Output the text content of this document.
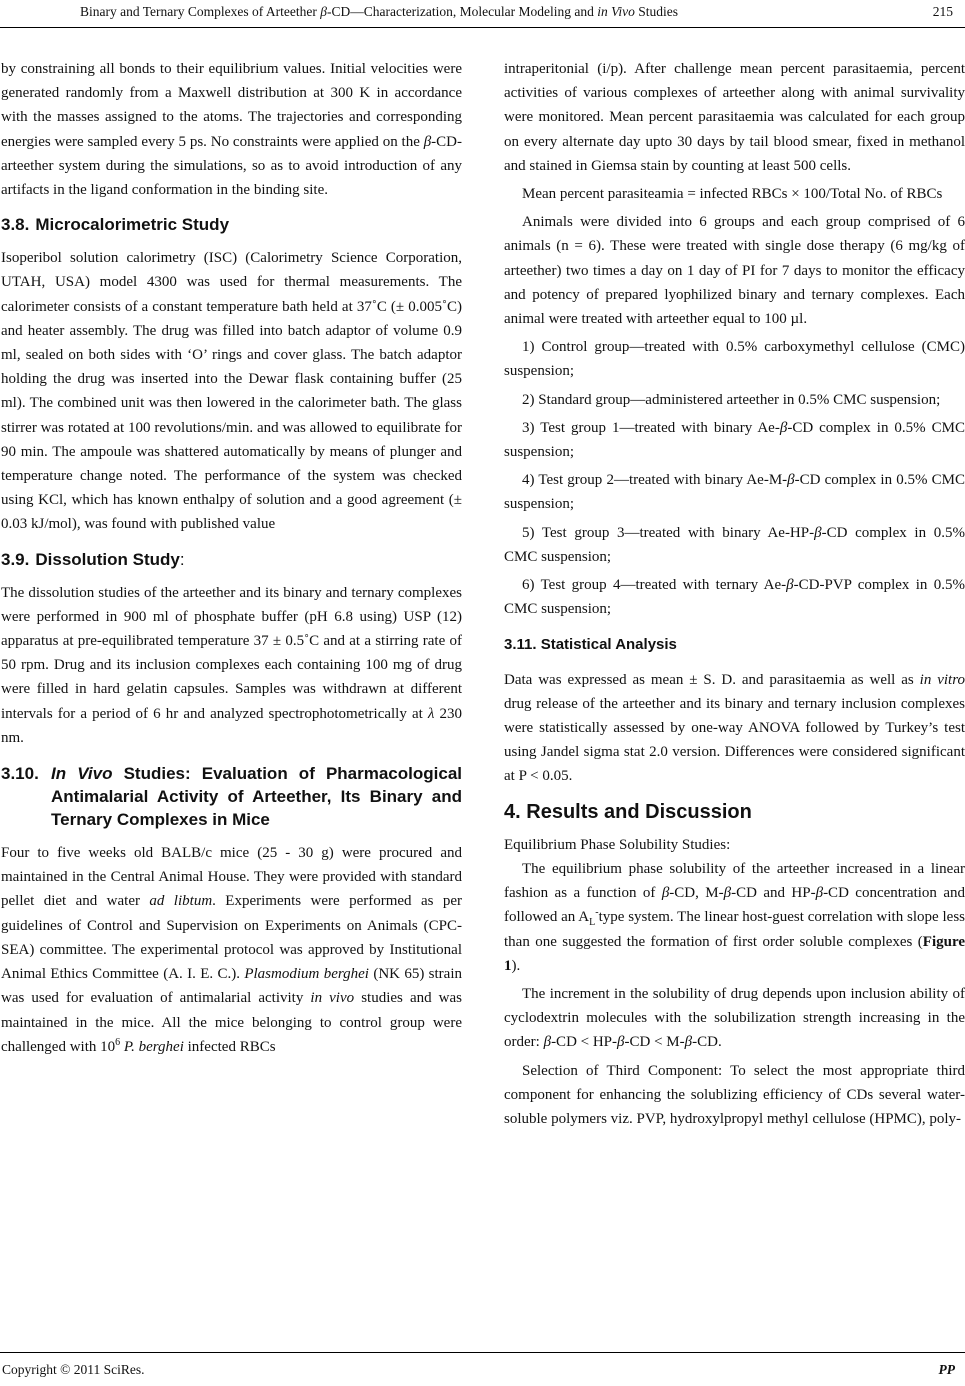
Binary and Ternary Complexes of Arteether β-CD—Characterization, Molecular Modeling and in Vivo Studies	215

by constraining all bonds to their equilibrium values. Initial velocities were generated randomly from a Maxwell distribution at 300 K in accordance with the masses assigned to the atoms. The trajectories and corresponding energies were sampled every 5 ps. No constraints were applied on the β-CD-arteether system during the simulations, so as to avoid introduction of any artifacts in the ligand conformation in the binding site.

3.8. Microcalorimetric Study

Isoperibol solution calorimetry (ISC) (Calorimetry Science Corporation, UTAH, USA) model 4300 was used for thermal measurements. The calorimeter consists of a constant temperature bath held at 37˚C (± 0.005˚C) and heater assembly. The drug was filled into batch adaptor of volume 0.9 ml, sealed on both sides with ‘O’ rings and cover glass. The batch adaptor holding the drug was inserted into the Dewar flask containing buffer (25 ml). The combined unit was then lowered in the calorimeter bath. The glass stirrer was rotated at 100 revolutions/min. and was allowed to equilibrate for 90 min. The ampoule was shattered automatically by means of plunger and temperature change noted. The performance of the system was checked using KCl, which has known enthalpy of solution and a good agreement (± 0.03 kJ/mol), was found with published value

3.9. Dissolution Study:

The dissolution studies of the arteether and its binary and ternary complexes were performed in 900 ml of phosphate buffer (pH 6.8 using) USP (12) apparatus at pre-equilibrated temperature 37 ± 0.5˚C and at a stirring rate of 50 rpm. Drug and its inclusion complexes each containing 100 mg of drug were filled in hard gelatin capsules. Samples was withdrawn at different intervals for a period of 6 hr and analyzed spectrophotometrically at λ 230 nm.

3.10. In Vivo Studies: Evaluation of Pharmacological Antimalarial Activity of Arteether, Its Binary and Ternary Complexes in Mice

Four to five weeks old BALB/c mice (25 - 30 g) were procured and maintained in the Central Animal House. They were provided with standard pellet diet and water ad libtum. Experiments were performed as per guidelines of Control and Supervision on Experiments on Animals (CPC-SEA) committee. The experimental protocol was approved by Institutional Animal Ethics Committee (A. I. E. C.). Plasmodium berghei (NK 65) strain was used for evaluation of antimalarial activity in vivo studies and was maintained in the mice. All the mice belonging to control group were challenged with $10^6$ P. berghei infected RBCs

intraperitonial (i/p). After challenge mean percent parasitaemia, percent activities of various complexes of arteether along with animal survivality were monitored. Mean percent parasitaemia was calculated for each group on every alternate day upto 30 days by tail blood smear, fixed in methanol and stained in Giemsa stain by counting at least 500 cells.

Mean percent parasiteamia = infected RBCs × 100/Total No. of RBCs

Animals were divided into 6 groups and each group comprised of 6 animals (n = 6). These were treated with single dose therapy (6 mg/kg of arteether) two times a day on 1 day of PI for 7 days to monitor the efficacy and potency of prepared lyophilized binary and ternary complexes. Each animal were treated with arteether equal to 100 µl.

1) Control group—treated with 0.5% carboxymethyl cellulose (CMC) suspension;

2) Standard group—administered arteether in 0.5% CMC suspension;

3) Test group 1—treated with binary Ae-β-CD complex in 0.5% CMC suspension;

4) Test group 2—treated with binary Ae-M-β-CD complex in 0.5% CMC suspension;

5) Test group 3—treated with binary Ae-HP-β-CD complex in 0.5% CMC suspension;

6) Test group 4—treated with ternary Ae-β-CD-PVP complex in 0.5% CMC suspension;

3.11. Statistical Analysis

Data was expressed as mean ± S. D. and parasitaemia as well as in vitro drug release of the arteether and its binary and ternary inclusion complexes were statistically assessed by one-way ANOVA followed by Turkey’s test using Jandel sigma stat 2.0 version. Differences were considered significant at P < 0.05.

4. Results and Discussion

Equilibrium Phase Solubility Studies:

The equilibrium phase solubility of the arteether increased in a linear fashion as a function of β-CD, M-β-CD and HP-β-CD concentration and followed an $A_L^-type$ system. The linear host-guest correlation with slope less than one suggested the formation of first order soluble complexes (Figure 1).

The increment in the solubility of drug depends upon inclusion ability of cyclodextrin molecules with the solubilization strength increasing in the order: β-CD < HP-β-CD < M-β-CD.

Selection of Third Component: To select the most appropriate third component for enhancing the solublizing efficiency of CDs several water-soluble polymers viz. PVP, hydroxylpropyl methyl cellulose (HPMC), poly-

Copyright © 2011 SciRes.	PP
